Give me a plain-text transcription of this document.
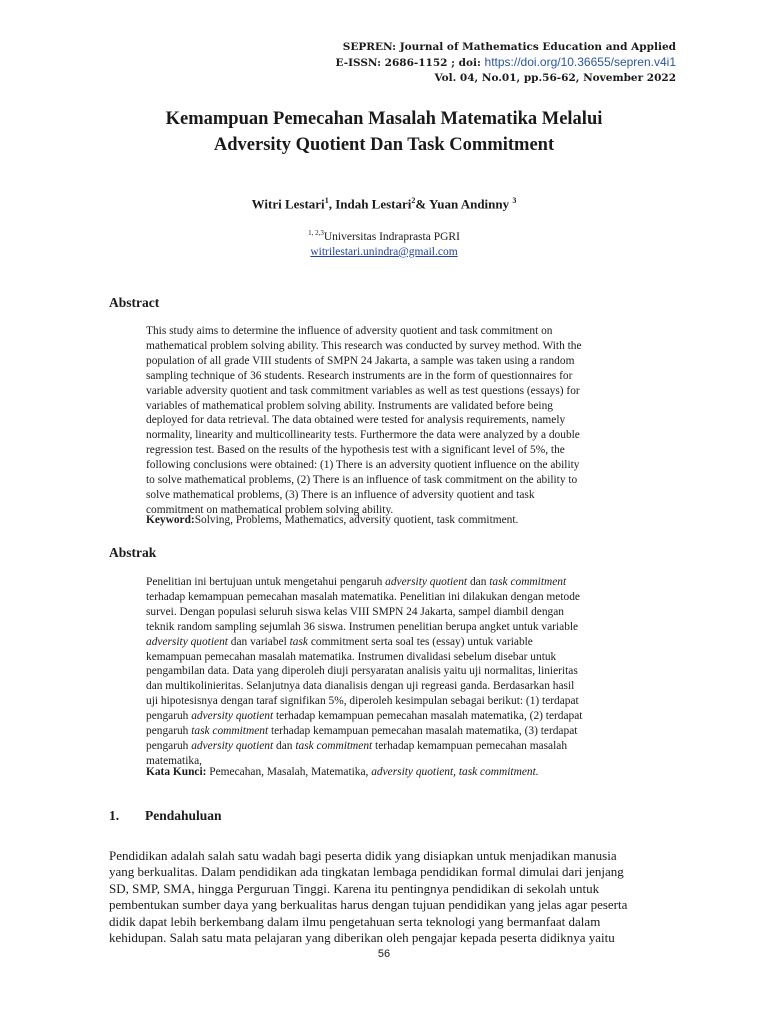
SEPREN: Journal of Mathematics Education and Applied
E-ISSN: 2686-1152 ; doi: https://doi.org/10.36655/sepren.v4i1
Vol. 04, No.01, pp.56-62, November 2022
Kemampuan Pemecahan Masalah Matematika Melalui
Adversity Quotient Dan Task Commitment
Witri Lestari$^1$, Indah Lestari$^2$& Yuan Andinny $^3$
$^{1, 2,3}$Universitas Indraprasta PGRI
witrilestari.unindra@gmail.com
Abstract
This study aims to determine the influence of adversity quotient and task commitment on
mathematical problem solving ability. This research was conducted by survey method. With the
population of all grade VIII students of SMPN 24 Jakarta, a sample was taken using a random
sampling technique of 36 students. Research instruments are in the form of questionnaires for
variable adversity quotient and task commitment variables as well as test questions (essays) for
variables of mathematical problem solving ability. Instruments are validated before being
deployed for data retrieval. The data obtained were tested for analysis requirements, namely
normality, linearity and multicollinearity tests. Furthermore the data were analyzed by a double
regression test. Based on the results of the hypothesis test with a significant level of 5%, the
following conclusions were obtained: (1) There is an adversity quotient influence on the ability
to solve mathematical problems, (2) There is an influence of task commitment on the ability to
solve mathematical problems, (3) There is an influence of adversity quotient and task
commitment on mathematical problem solving ability.
Keyword:Solving, Problems, Mathematics, adversity quotient, task commitment.
Abstrak
Penelitian ini bertujuan untuk mengetahui pengaruh adversity quotient dan task commitment
terhadap kemampuan pemecahan masalah matematika. Penelitian ini dilakukan dengan metode
survei. Dengan populasi seluruh siswa kelas VIII SMPN 24 Jakarta, sampel diambil dengan
teknik random sampling sejumlah 36 siswa. Instrumen penelitian berupa angket untuk variable
adversity quotient dan variabel task commitment serta soal tes (essay) untuk variable
kemampuan pemecahan masalah matematika. Instrumen divalidasi sebelum disebar untuk
pengambilan data. Data yang diperoleh diuji persyaratan analisis yaitu uji normalitas, linieritas
dan multikolinieritas. Selanjutnya data dianalisis dengan uji regreasi ganda. Berdasarkan hasil
uji hipotesisnya dengan taraf signifikan 5%, diperoleh kesimpulan sebagai berikut: (1) terdapat
pengaruh adversity quotient terhadap kemampuan pemecahan masalah matematika, (2) terdapat
pengaruh task commitment terhadap kemampuan pemecahan masalah matematika, (3) terdapat
pengaruh adversity quotient dan task commitment terhadap kemampuan pemecahan masalah
matematika,
Kata Kunci: Pemecahan, Masalah, Matematika, adversity quotient, task commitment.
1. Pendahuluan
Pendidikan adalah salah satu wadah bagi peserta didik yang disiapkan untuk menjadikan manusia
yang berkualitas. Dalam pendidikan ada tingkatan lembaga pendidikan formal dimulai dari jenjang
SD, SMP, SMA, hingga Perguruan Tinggi. Karena itu pentingnya pendidikan di sekolah untuk
pembentukan sumber daya yang berkualitas harus dengan tujuan pendidikan yang jelas agar peserta
didik dapat lebih berkembang dalam ilmu pengetahuan serta teknologi yang bermanfaat dalam
kehidupan. Salah satu mata pelajaran yang diberikan oleh pengajar kepada peserta didiknya yaitu
56
